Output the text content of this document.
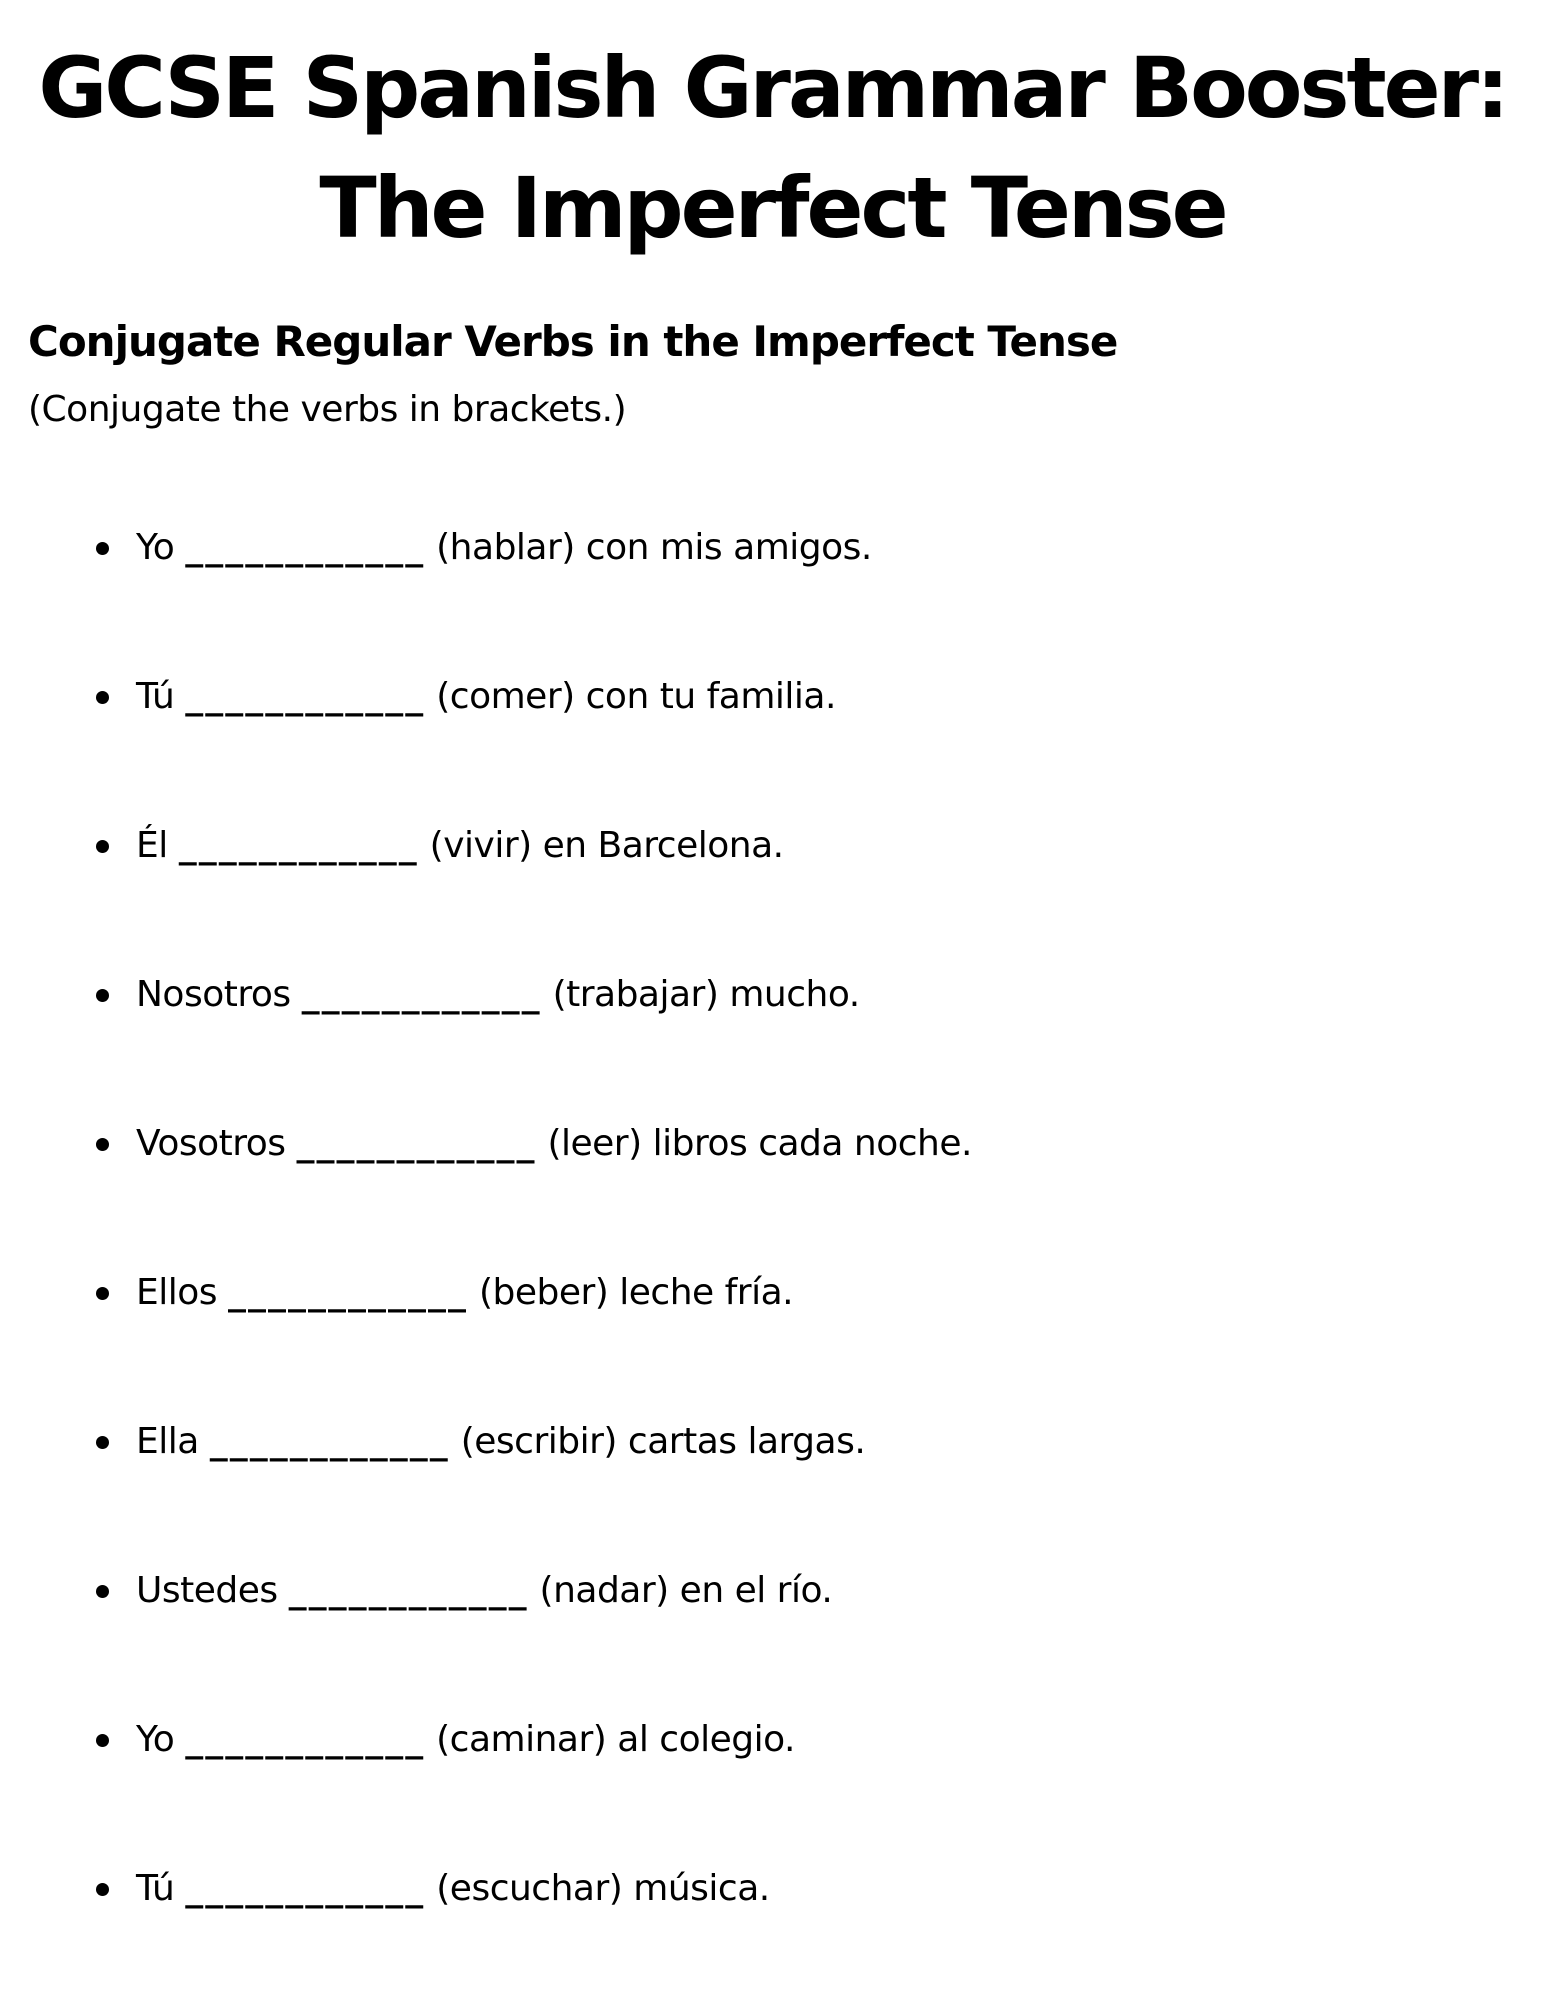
GCSE Spanish Grammar Booster:
The Imperfect Tense
Conjugate Regular Verbs in the Imperfect Tense

(Conjugate the verbs in brackets.)

Yo ____________ (hablar) con mis amigos.
Tú ____________ (comer) con tu familia.
Él ____________ (vivir) en Barcelona.
Nosotros ____________ (trabajar) mucho.
Vosotros ____________ (leer) libros cada noche.
Ellos ____________ (beber) leche fría.
Ella ____________ (escribir) cartas largas.
Ustedes ____________ (nadar) en el río.
Yo ____________ (caminar) al colegio.
Tú ____________ (escuchar) música.
